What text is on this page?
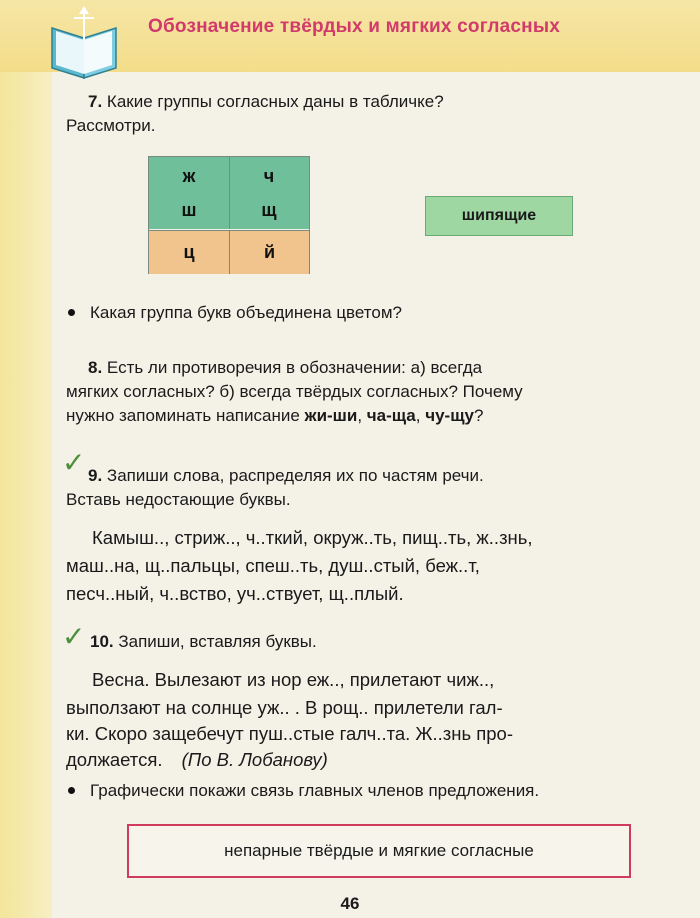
Обозначение твёрдых и мягких согласных
7. Какие группы согласных даны в табличке?
Рассмотри.
ж	ч
ш	щ
ц	й
шипящие
Какая группа букв объединена цветом?
8. Есть ли противоречия в обозначении: а) всегда
мягких согласных? б) всегда твёрдых согласных? Почему
нужно запоминать написание жи-ши, ча-ща, чу-щу?
✓ 9. Запиши слова, распределяя их по частям речи.
Вставь недостающие буквы.
Камыш.., стриж.., ч..ткий, окруж..ть, пищ..ть, ж..знь,
маш..на, щ..пальцы, спеш..ть, душ..стый, беж..т,
песч..ный, ч..вство, уч..ствует, щ..плый.
✓ 10. Запиши, вставляя буквы.
Весна. Вылезают из нор еж.., прилетают чиж..,
выползают на солнце уж.. . В рощ.. прилетели гал-
ки. Скоро защебечут пуш..стые галч..та. Ж..знь про-
должается. (По В. Лобанову)
Графически покажи связь главных членов предложения.
непарные твёрдые и мягкие согласные
46
